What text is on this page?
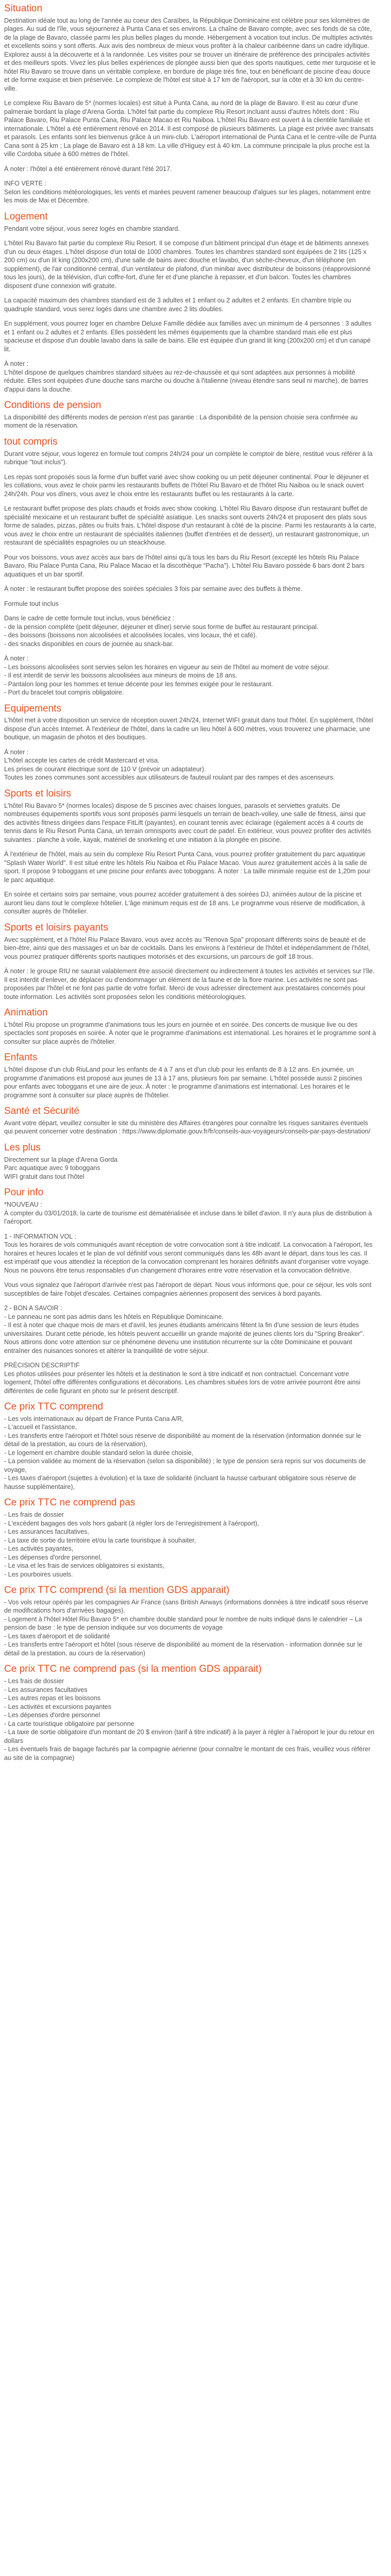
Situation

Destination idéale tout au long de l'année au coeur des Caraïbes, la République Dominicaine est célèbre pour ses kilomètres de plages. Au sud de l'île, vous séjournerez à Punta Cana et ses environs. La chaîne de Bavaro compte, avec ses fonds de sa côte, de la plage de Bavaro, classée parmi les plus belles plages du monde. Hébergement à vocation tout inclus. De multiples activités et excellents soins y sont offerts. Aux avis des nombreux de mieux vous profiter à la chaleur caribéenne dans un cadre idyllique. Explorez aussi à la découverte et à la randonnée. Les visites pour se trouver un itinéraire de préférence des principales activités et des meilleurs spots. Vivez les plus belles expériences de plongée aussi bien que des sports nautiques, cette mer turquoise et le hôtel Riu Bavaro se trouve dans un véritable complexe, en bordure de plage très fine, tout en bénéficiant de piscine d'eau douce et de forme exquise et bien préservée. Le complexe de l'hôtel est situé à 17 km de l'aéroport, sur la côte et à 30 km du centre-ville.

Le complexe Riu Bavaro de 5* (normes locales) est situé à Punta Cana, au nord de la plage de Bavaro. Il est au cœur d'une palmeraie bordant la plage d'Arena Gorda. L'hôtel fait partie du complexe Riu Resort incluant aussi d'autres hôtels dont : Riu Palace Bavaro, Riu Palace Punta Cana, Riu Palace Macao et Riu Naiboa. L'hôtel Riu Bavaro est ouvert à la clientèle familiale et internationale. L'hôtel a été entièrement rénové en 2014. Il est composé de plusieurs bâtiments. La plage est privée avec transats et parasols. Les enfants sont les bienvenus grâce à un mini-club. L'aéroport international de Punta Cana et le centre-ville de Punta Cana sont à 25 km ; La plage de Bavaro est à 18 km. La ville d'Higuey est à 40 km. La commune principale la plus proche est la ville Cordoba située à 600 mètres de l'hôtel.

À noter : l'hôtel a été entièrement rénové durant l'été 2017.

INFO VERTE :
Selon les conditions météorologiques, les vents et marées peuvent ramener beaucoup d'algues sur les plages, notamment entre les mois de Mai et Décembre.

Logement

Pendant votre séjour, vous serez logés en chambre standard.

L'hôtel Riu Bavaro fait partie du complexe Riu Resort. Il se compose d'un bâtiment principal d'un étage et de bâtiments annexes d'un ou deux étages. L'hôtel dispose d'un total de 1000 chambres. Toutes les chambres standard sont équipées de 2 lits (125 x 200 cm) ou d'un lit king (200x200 cm), d'une salle de bains avec douche et lavabo, d'un sèche-cheveux, d'un téléphone (en supplément), de l'air conditionné central, d'un ventilateur de plafond, d'un minibar avec distributeur de boissons (réapprovisionné tous les jours), de la télévision, d'un coffre-fort, d'une fer et d'une planche à repasser, et d'un balcon. Toutes les chambres disposent d'une connexion wifi gratuite.

La capacité maximum des chambres standard est de 3 adultes et 1 enfant ou 2 adultes et 2 enfants. En chambre triple ou quadruple standard, vous serez logés dans une chambre avec 2 lits doubles.

En supplément, vous pourrez loger en chambre Deluxe Famille dédiée aux familles avec un minimum de 4 personnes : 3 adultes et 1 enfant ou 2 adultes et 2 enfants. Elles possèdent les mêmes équipements que la chambre standard mais elle est plus spacieuse et dispose d'un double lavabo dans la salle de bains. Elle est équipée d'un grand lit king (200x200 cm) et d'un canapé lit.

À noter :
L'hôtel dispose de quelques chambres standard situées au rez-de-chaussée et qui sont adaptées aux personnes à mobilité réduite. Elles sont équipées d'une douche sans marche ou douche à l'italienne (niveau étendre sans seuil ni marche), de barres d'appui dans la douche.

Conditions de pension

La disponibilité des différents modes de pension n'est pas garantie : La disponibilité de la pension choisie sera confirmée au moment de la réservation.

tout compris

Durant votre séjour, vous logerez en formule tout compris 24h/24 pour un complète le comptoir de bière, restitué vous référer à la rubrique "tout inclus").

Les repas sont proposés sous la forme d'un buffet varié avec show cooking ou un petit déjeuner continental. Pour le déjeuner et les collations, vous avez le choix parmi les restaurants buffets de l'hôtel Riu Bavaro et de l'hôtel Riu Naiboa ou le snack ouvert 24h/24h. Pour vos dîners, vous avez le choix entre les restaurants buffet ou les restaurants à la carte.

Le restaurant buffet propose des plats chauds et froids avec show cooking. L'hôtel Riu Bavaro dispose d'un restaurant buffet de spécialité mexicaine et un restaurant buffet de spécialité asiatique. Les snacks sont ouverts 24h/24 et proposent des plats sous forme de salades, pizzas, pâtes ou fruits frais. L'hôtel dispose d'un restaurant à côté de la piscine. Parmi les restaurants à la carte, vous avez le choix entre un restaurant de spécialités italiennes (buffet d'entrées et de dessert), un restaurant gastronomique, un restaurant de spécialités espagnoles ou un steackhouse.

Pour vos boissons, vous avez accès aux bars de l'hôtel ainsi qu'à tous les bars du Riu Resort (excepté les hôtels Riu Palace Bavaro, Riu Palace Punta Cana, Riu Palace Macao et la discothèque "Pacha"). L'hôtel Riu Bavaro possède 6 bars dont 2 bars aquatiques et un bar sportif.

À noter : le restaurant buffet propose des soirées spéciales 3 fois par semaine avec des buffets à thème.

Formule tout inclus

Dans le cadre de cette formule tout inclus, vous bénéficiez :
- de la pension complète (petit déjeuner, déjeuner et dîner) servie sous forme de buffet au restaurant principal.
- des boissons (boissons non alcoolisées et alcoolisées locales, vins locaux, thé et café).
- des snacks disponibles en cours de journée au snack-bar.

À noter :
- Les boissons alcoolisées sont servies selon les horaires en vigueur au sein de l'hôtel au moment de votre séjour.
- Il est interdit de servir les boissons alcoolisées aux mineurs de moins de 18 ans.
- Pantalon long pour les hommes et tenue décente pour les femmes exigée pour le restaurant.
- Port du bracelet tout compris obligatoire.

Equipements

L'hôtel met à votre disposition un service de réception ouvert 24h/24, Internet WIFI gratuit dans tout l'hôtel. En supplément, l'hôtel dispose d'un accès Internet. À l'extérieur de l'hôtel, dans la cadre un lieu hôtel à 600 mètres, vous trouverez une pharmacie, une boutique, un magasin de photos et des boutiques.

À noter :
L'hôtel accepte les cartes de crédit Mastercard et visa.
Les prises de courant électrique sont de 110 V (prévoir un adaptateur).
Toutes les zones communes sont accessibles aux utilisateurs de fauteuil roulant par des rampes et des ascenseurs.

Sports et loisirs

L'hôtel Riu Bavaro 5* (normes locales) dispose de 5 piscines avec chaises longues, parasols et serviettes gratuits. De nombreuses équipements sportifs vous sont proposés parmi lesquels un terrain de beach-volley, une salle de fitness, ainsi que des activités fitness dirigées dans l'espace FitLift (payantes), en courant tennis avec éclairage (également accès à 4 courts de tennis dans le Riu Resort Punta Cana, un terrain omnisports avec court de padel. En extérieur, vous pouvez profiter des activités suivantes : planche à voile, kayak, matériel de snorkeling et une initiation à la plongée en piscine.

À l'extérieur de l'hôtel, mais au sein du complexe Riu Resort Punta Cana, vous pourrez profiter gratuitement du parc aquatique "Splash Water World". Il est situé entre les hôtels Riu Naiboa et Riu Palace Macao. Vous aurez gratuitement accès à la salle de sport. Il propose 9 toboggans et une piscine pour enfants avec toboggans. À noter : La taille minimale requise est de 1,20m pour le parc aquatique.

En soirée et certains soirs par semaine, vous pourrez accéder gratuitement à des soirées DJ, animées autour de la piscine et auront lieu dans tout le complexe hôtelier. L'âge minimum requis est de 18 ans. Le programme vous réserve de modification, à consulter auprès de l'hôtelier.

Sports et loisirs payants

Avec supplément, et à l'hôtel Riu Palace Bavaro, vous avez accès au "Renova Spa" proposant différents soins de beauté et de bien-être, ainsi que des massages et un bar de cocktails. Dans les environs à l'extérieur de l'hôtel et indépendamment de l'hôtel, vous pourrez pratiquer différents sports nautiques motorisés et des excursions, un parcours de golf 18 trous.

À noter : le groupe RIU ne saurait valablement être associé directement ou indirectement à toutes les activités et services sur l'île. Il est interdit d'enlever, de déplacer ou d'endommager un élément de la faune et de la flore marine. Les activités ne sont pas proposées par l'hôtel et ne font pas partie de votre forfait. Merci de vous adresser directement aux prestataires concernés pour toute information. Les activités sont proposées selon les conditions météorologiques.

Animation

L'hôtel Riu propose un programme d'animations tous les jours en journée et en soirée. Des concerts de musique live ou des spectacles sont proposés en soirée. À noter que le programme d'animations est international. Les horaires et le programme sont à consulter sur place auprès de l'hôtelier.

Enfants

L'hôtel dispose d'un club RiuLand pour les enfants de 4 à 7 ans et d'un club pour les enfants de 8 à 12 ans. En journée, un programme d'animations est proposé aux jeunes de 13 à 17 ans, plusieurs fois par semaine. L'hôtel possède aussi 2 piscines pour enfants avec toboggans et une aire de jeux. À noter : le programme d'animations est international. Les horaires et le programme sont à consulter sur place auprès de l'hôtelier.

Santé et Sécurité

Avant votre départ, veuillez consulter le site du ministère des Affaires étrangères pour connaître les risques sanitaires éventuels qui peuvent concerner votre destination : https://www.diplomatie.gouv.fr/fr/conseils-aux-voyageurs/conseils-par-pays-destination/

Les plus

Directement sur la plage d'Arena Gorda
Parc aquatique avec 9 toboggans
WIFI gratuit dans tout l'hôtel

Pour info

*NOUVEAU :
À compter du 03/01/2018, la carte de tourisme est dématérialisée et incluse dans le billet d'avion. Il n'y aura plus de distribution à l'aéroport.

1 - INFORMATION VOL :
Tous les horaires de vols communiqués avant réception de votre convocation sont à titre indicatif. La convocation à l'aéroport, les horaires et heures locales et le plan de vol définitif vous seront communiqués dans les 48h avant le départ, dans tous les cas. Il est impératif que vous attendiez la réception de la convocation comprenant les horaires définitifs avant d'organiser votre voyage. Nous ne pouvons être tenus responsables d'un changement d'horaires entre votre réservation et la convocation définitive.

Vous vous signalez que l'aéroport d'arrivée n'est pas l'aéroport de départ. Nous vous informons que, pour ce séjour, les vols sont susceptibles de faire l'objet d'escales. Certaines compagnies aériennes proposent des services à bord payants.

2 - BON A SAVOIR :
- Le panneau ne sont pas admis dans les hôtels en République Dominicaine.
- Il est à noter que chaque mois de mars et d'avril, les jeunes étudiants américains fêtent la fin d'une session de leurs études universitaires. Durant cette période, les hôtels peuvent accueillir un grande majorité de jeunes clients lors du "Spring Breaker". Nous attirons donc votre attention sur ce phénomène devenu une institution récurrente sur la côte Dominicaine et pouvant entraîner des nuisances sonores et altérer la tranquillité de votre séjour.

PRÉCISION DESCRIPTIF
Les photos utilisées pour présenter les hôtels et la destination le sont à titre indicatif et non contractuel. Concernant votre logement, l'hôtel offre différentes configurations et décorations. Les chambres situées lors de votre arrivée pourront être ainsi différentes de celle figurant en photo sur le présent descriptif.

Ce prix TTC comprend

- Les vols internationaux au départ de France Punta Cana A/R,
- L'accueil et l'assistance,
- Les transferts entre l'aéroport et l'hôtel sous réserve de disponibilité au moment de la réservation (information donnée sur le détail de la prestation, au cours de la réservation),
- Le logement en chambre double standard selon la durée choisie,
- La pension validée au moment de la réservation (selon sa disponibilité) ; le type de pension sera repris sur vos documents de voyage,
- Les taxes d'aéroport (sujettes à évolution) et la taxe de solidarité (incluant la hausse carburant obligatoire sous réserve de hausse supplémentaire),

Ce prix TTC ne comprend pas

- Les frais de dossier
- L'excédent bagages des vols hors gabarit (à régler lors de l'enregistrement à l'aéroport),
- Les assurances facultatives,
- La taxe de sortie du territoire et/ou la carte touristique à souhaiter,
- Les activités payantes,
- Les dépenses d'ordre personnel,
- Le visa et les frais de services obligatoires si existants,
- Les pourboires usuels.

Ce prix TTC comprend (si la mention GDS apparait)

- Vos vols retour opérés par les compagnies Air France (sans British Airways (informations données à titre indicatif sous réserve de modifications hors d'arrivées bagages).
- Logement à l'hôtel Hôtel Riu Bavaro 5* en chambre double standard pour le nombre de nuits indiqué dans le calendrier – La pension de base : le type de pension indiquée sur vos documents de voyage
- Les taxes d'aéroport et de solidarité
- Les transferts entre l'aéroport et hôtel (sous réserve de disponibilité au moment de la réservation - information donnée sur le détail de la prestation, au cours de la réservation)

Ce prix TTC ne comprend pas (si la mention GDS apparait)

- Les frais de dossier
- Les assurances facultatives
- Les autres repas et les boissons
- Les activités et excursions payantes
- Les dépenses d'ordre personnel
- La carte touristique obligatoire par personne
- La taxe de sortie obligatoire d'un montant de 20 $ environ (tarif à titre indicatif) à la payer à régler à l'aéroport le jour du retour en dollars
- Les éventuels frais de bagage facturés par la compagnie aérienne (pour connaître le montant de ces frais, veuillez vous référer au site de la compagnie)
